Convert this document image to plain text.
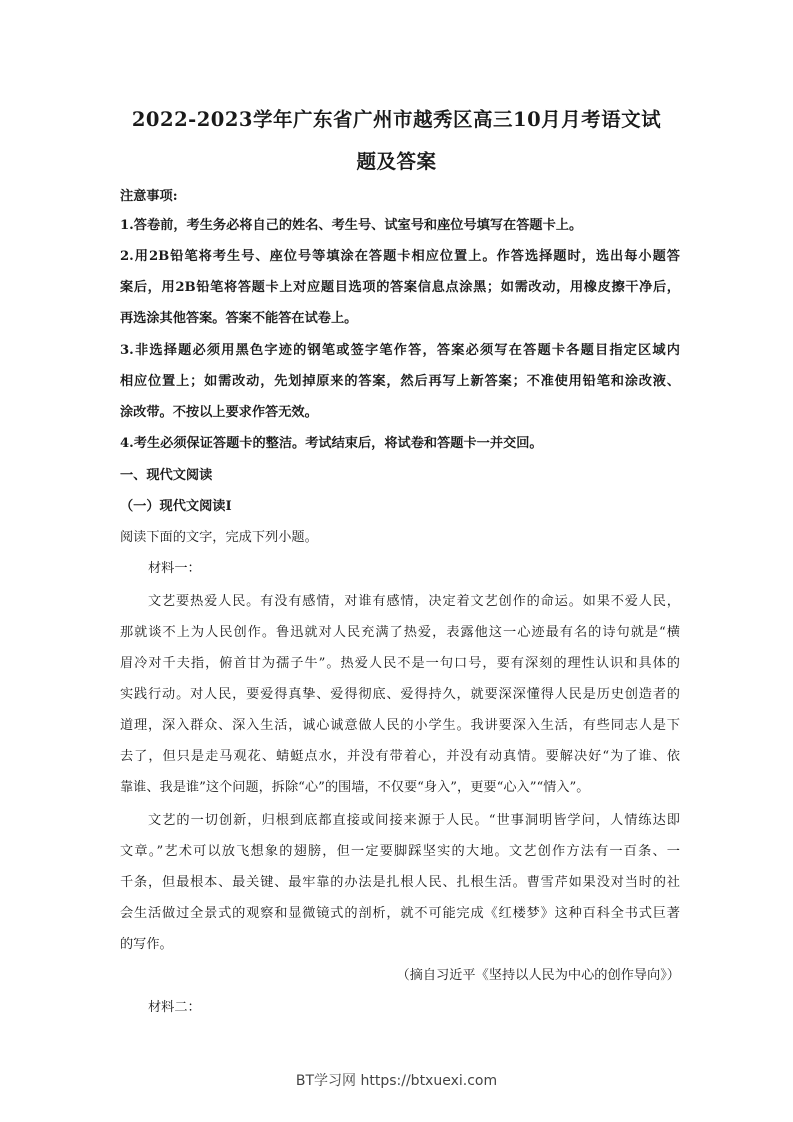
2022-2023学年广东省广州市越秀区高三10月月考语文试
题及答案
注意事项:
1.答卷前，考生务必将自己的姓名、考生号、试室号和座位号填写在答题卡上。
2.用2B铅笔将考生号、座位号等填涂在答题卡相应位置上。作答选择题时，选出每小题答
案后，用2B铅笔将答题卡上对应题目选项的答案信息点涂黑；如需改动，用橡皮擦干净后，
再选涂其他答案。答案不能答在试卷上。
3.非选择题必须用黑色字迹的钢笔或签字笔作答，答案必须写在答题卡各题目指定区域内
相应位置上；如需改动，先划掉原来的答案，然后再写上新答案；不准使用铅笔和涂改液、
涂改带。不按以上要求作答无效。
4.考生必须保证答题卡的整洁。考试结束后，将试卷和答题卡一并交回。
一、现代文阅读
（一）现代文阅读Ⅰ
阅读下面的文字，完成下列小题。
材料一：
文艺要热爱人民。有没有感情，对谁有感情，决定着文艺创作的命运。如果不爱人民，
那就谈不上为人民创作。鲁迅就对人民充满了热爱，表露他这一心迹最有名的诗句就是“横
眉冷对千夫指，俯首甘为孺子牛”。热爱人民不是一句口号，要有深刻的理性认识和具体的
实践行动。对人民，要爱得真挚、爱得彻底、爱得持久，就要深深懂得人民是历史创造者的
道理，深入群众、深入生活，诚心诚意做人民的小学生。我讲要深入生活，有些同志人是下
去了，但只是走马观花、蜻蜓点水，并没有带着心，并没有动真情。要解决好“为了谁、依
靠谁、我是谁”这个问题，拆除“心”的围墙，不仅要“身入”，更要“心入”“情入”。
文艺的一切创新，归根到底都直接或间接来源于人民。“世事洞明皆学问，人情练达即
文章。”艺术可以放飞想象的翅膀，但一定要脚踩坚实的大地。文艺创作方法有一百条、一
千条，但最根本、最关键、最牢靠的办法是扎根人民、扎根生活。曹雪芹如果没对当时的社
会生活做过全景式的观察和显微镜式的剖析，就不可能完成《红楼梦》这种百科全书式巨著
的写作。
（摘自习近平《坚持以人民为中心的创作导向》）
材料二：
BT学习网 https://btxuexi.com
